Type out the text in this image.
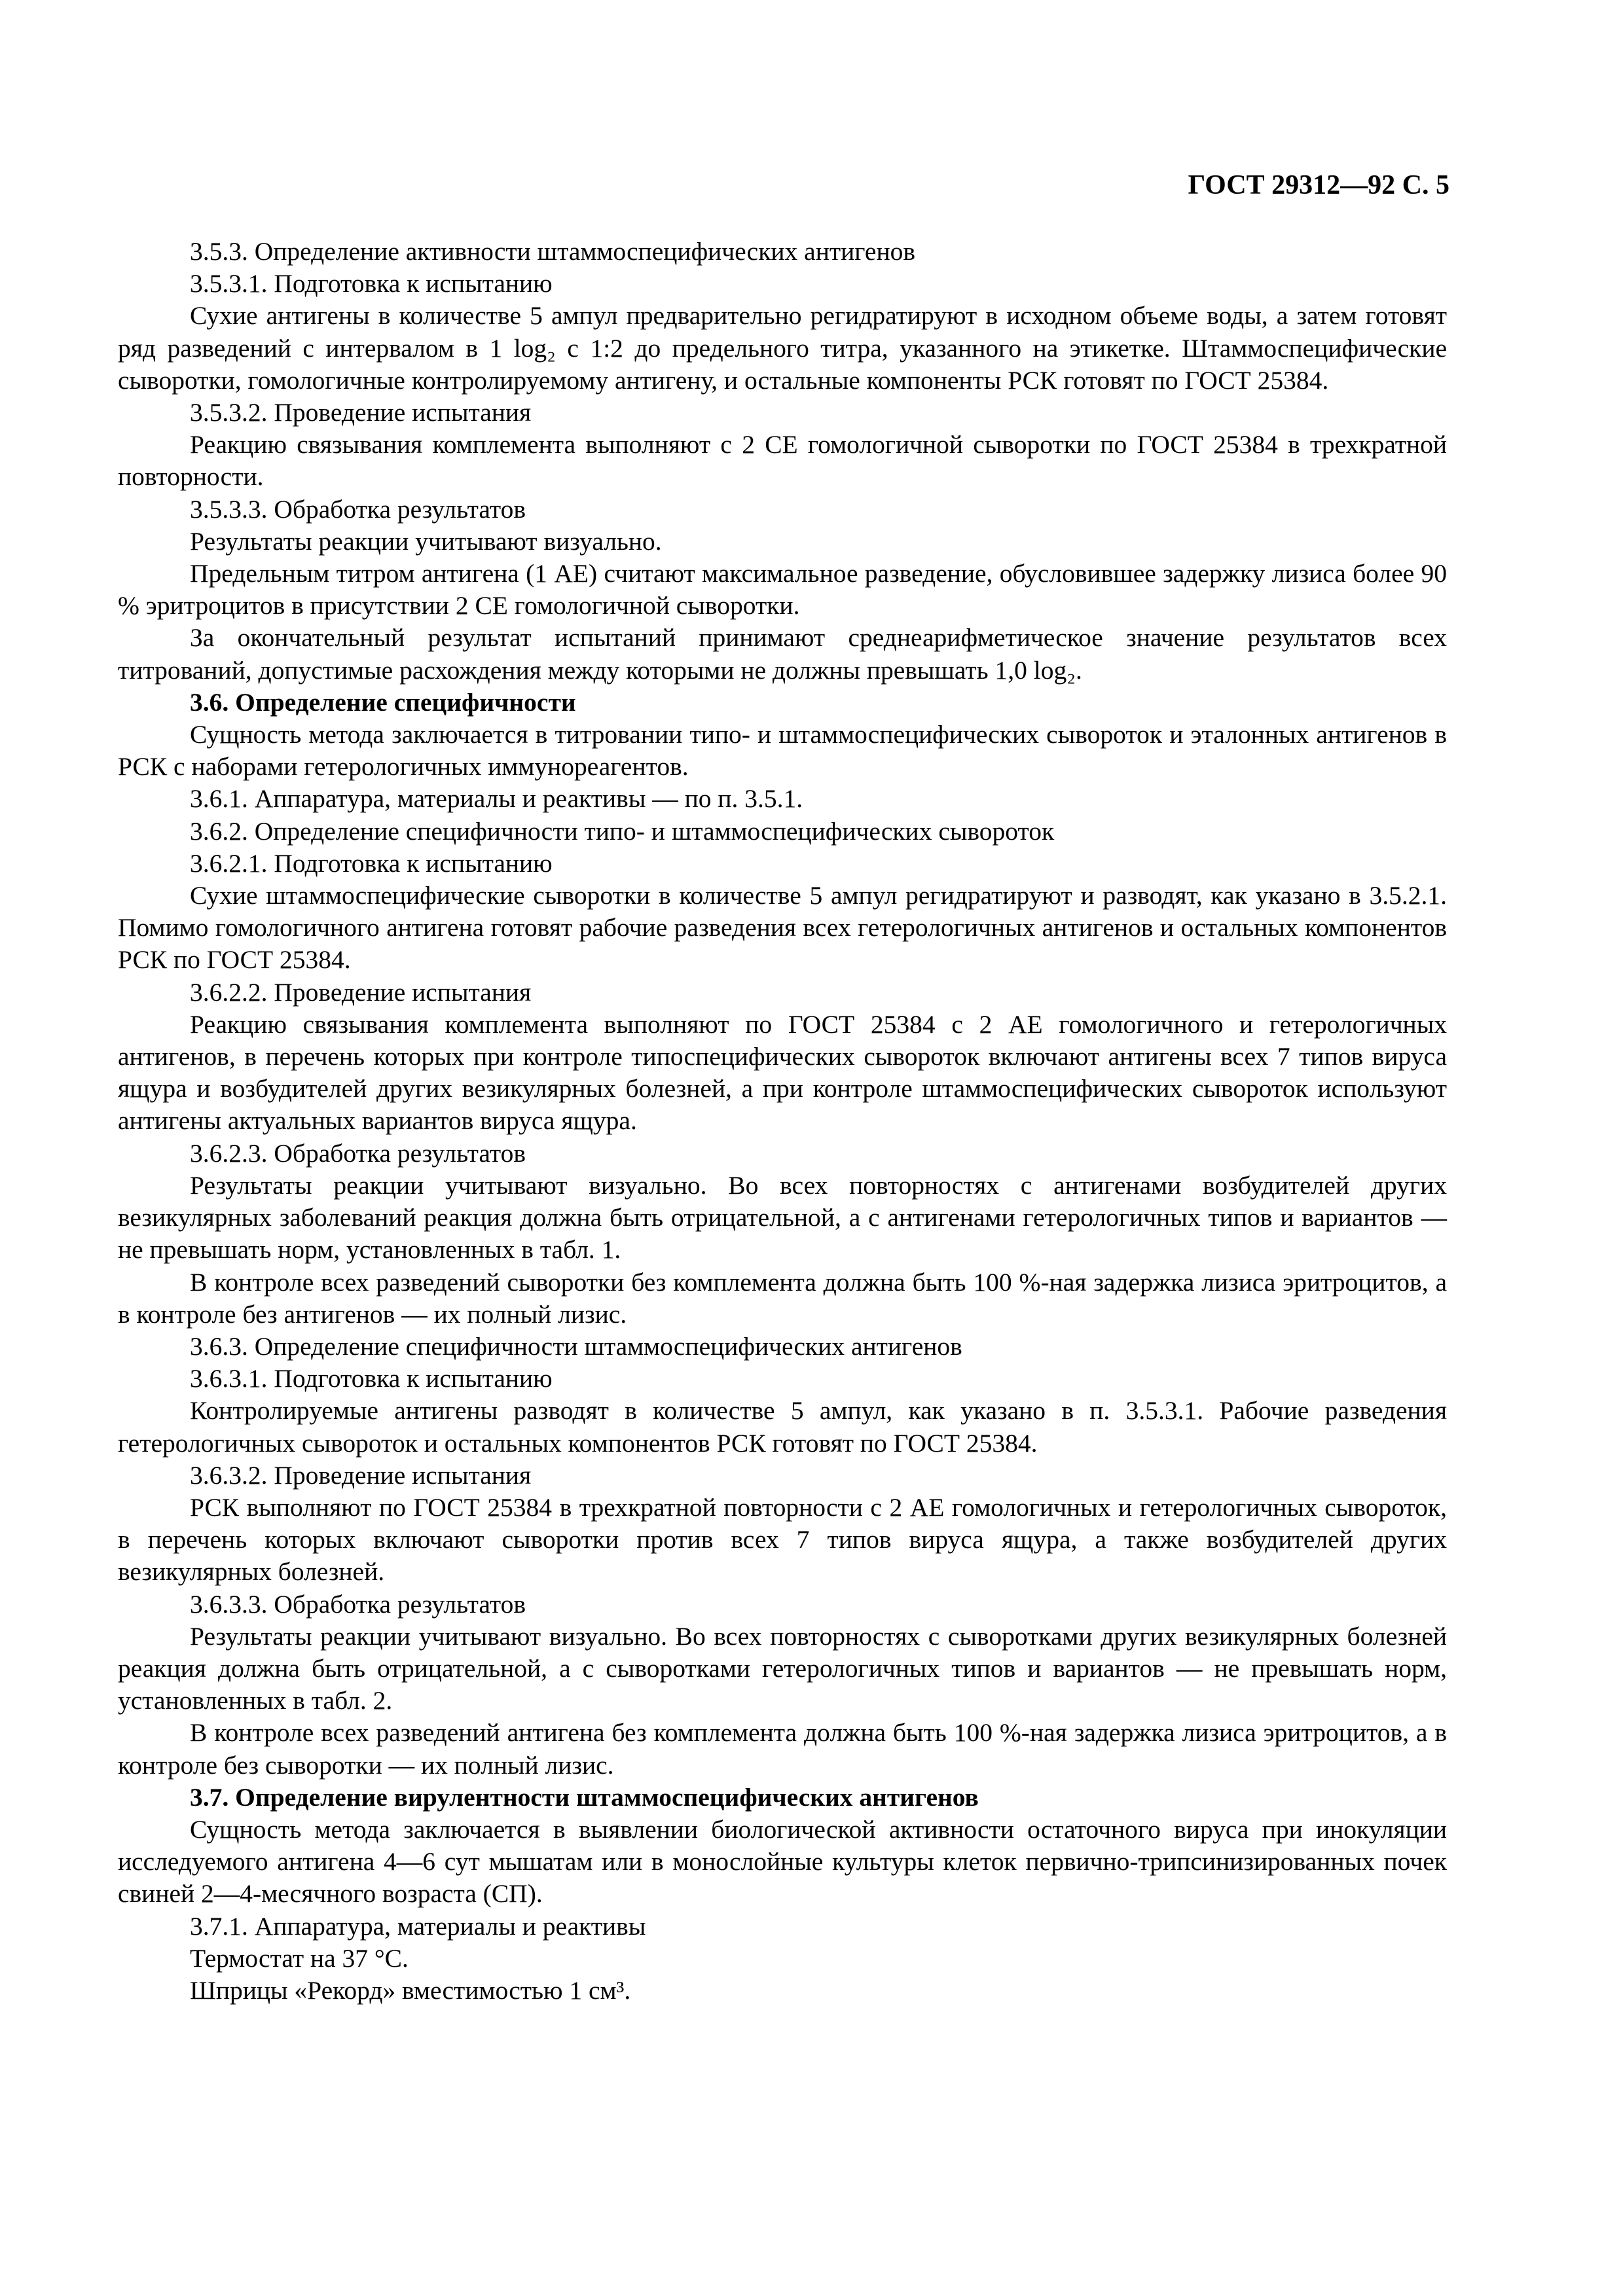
ГОСТ 29312—92 С. 5

3.5.3. Определение активности штаммоспецифических антигенов

3.5.3.1. Подготовка к испытанию

Сухие антигены в количестве 5 ампул предварительно регидратируют в исходном объеме воды, а затем готовят ряд разведений с интервалом в 1 log₂ с 1:2 до предельного титра, указанного на этикетке. Штаммоспецифические сыворотки, гомологичные контролируемому антигену, и остальные компоненты РСК готовят по ГОСТ 25384.

3.5.3.2. Проведение испытания

Реакцию связывания комплемента выполняют с 2 СЕ гомологичной сыворотки по ГОСТ 25384 в трехкратной повторности.

3.5.3.3. Обработка результатов

Результаты реакции учитывают визуально.

Предельным титром антигена (1 АЕ) считают максимальное разведение, обусловившее задержку лизиса более 90 % эритроцитов в присутствии 2 СЕ гомологичной сыворотки.

За окончательный результат испытаний принимают среднеарифметическое значение результатов всех титрований, допустимые расхождения между которыми не должны превышать 1,0 log₂.

3.6. Определение специфичности

Сущность метода заключается в титровании типо- и штаммоспецифических сывороток и эталонных антигенов в РСК с наборами гетерологичных иммунореагентов.

3.6.1. Аппаратура, материалы и реактивы — по п. 3.5.1.

3.6.2. Определение специфичности типо- и штаммоспецифических сывороток

3.6.2.1. Подготовка к испытанию

Сухие штаммоспецифические сыворотки в количестве 5 ампул регидратируют и разводят, как указано в 3.5.2.1. Помимо гомологичного антигена готовят рабочие разведения всех гетерологичных антигенов и остальных компонентов РСК по ГОСТ 25384.

3.6.2.2. Проведение испытания

Реакцию связывания комплемента выполняют по ГОСТ 25384 с 2 АЕ гомологичного и гетерологичных антигенов, в перечень которых при контроле типоспецифических сывороток включают антигены всех 7 типов вируса ящура и возбудителей других везикулярных болезней, а при контроле штаммоспецифических сывороток используют антигены актуальных вариантов вируса ящура.

3.6.2.3. Обработка результатов

Результаты реакции учитывают визуально. Во всех повторностях с антигенами возбудителей других везикулярных заболеваний реакция должна быть отрицательной, а с антигенами гетерологичных типов и вариантов — не превышать норм, установленных в табл. 1.

В контроле всех разведений сыворотки без комплемента должна быть 100 %-ная задержка лизиса эритроцитов, а в контроле без антигенов — их полный лизис.

3.6.3. Определение специфичности штаммоспецифических антигенов

3.6.3.1. Подготовка к испытанию

Контролируемые антигены разводят в количестве 5 ампул, как указано в п. 3.5.3.1. Рабочие разведения гетерологичных сывороток и остальных компонентов РСК готовят по ГОСТ 25384.

3.6.3.2. Проведение испытания

РСК выполняют по ГОСТ 25384 в трехкратной повторности с 2 АЕ гомологичных и гетерологичных сывороток, в перечень которых включают сыворотки против всех 7 типов вируса ящура, а также возбудителей других везикулярных болезней.

3.6.3.3. Обработка результатов

Результаты реакции учитывают визуально. Во всех повторностях с сыворотками других везикулярных болезней реакция должна быть отрицательной, а с сыворотками гетерологичных типов и вариантов — не превышать норм, установленных в табл. 2.

В контроле всех разведений антигена без комплемента должна быть 100 %-ная задержка лизиса эритроцитов, а в контроле без сыворотки — их полный лизис.

3.7. Определение вирулентности штаммоспецифических антигенов

Сущность метода заключается в выявлении биологической активности остаточного вируса при инокуляции исследуемого антигена 4—6 сут мышатам или в монослойные культуры клеток первично-трипсинизированных почек свиней 2—4-месячного возраста (СП).

3.7.1. Аппаратура, материалы и реактивы

Термостат на 37 °С.

Шприцы «Рекорд» вместимостью 1 см³.
